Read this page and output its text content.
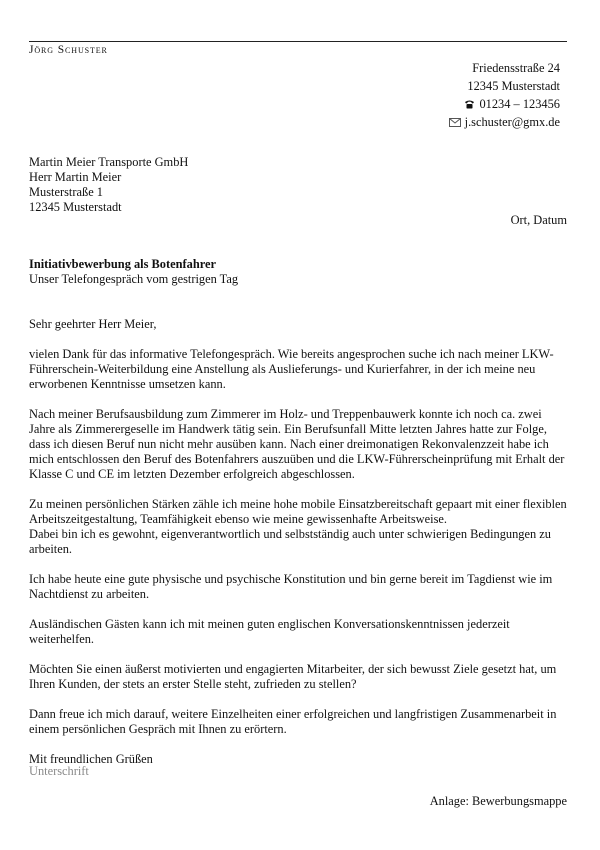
Jörg Schuster
Friedensstraße 24
12345 Musterstadt
01234 – 123456
j.schuster@gmx.de
Martin Meier Transporte GmbH
Herr Martin Meier
Musterstraße 1
12345 Musterstadt
Ort, Datum
Initiativbewerbung als Botenfahrer
Unser Telefongespräch vom gestrigen Tag

Sehr geehrter Herr Meier,

vielen Dank für das informative Telefongespräch. Wie bereits angesprochen suche ich nach meiner LKW-Führerschein-Weiterbildung eine Anstellung als Auslieferungs- und Kurierfahrer, in der ich meine neu erworbenen Kenntnisse umsetzen kann.

Nach meiner Berufsausbildung zum Zimmerer im Holz- und Treppenbauwerk konnte ich noch ca. zwei Jahre als Zimmerergeselle im Handwerk tätig sein. Ein Berufsunfall Mitte letzten Jahres hatte zur Folge, dass ich diesen Beruf nun nicht mehr ausüben kann. Nach einer dreimonatigen Rekonvalenzzeit habe ich mich entschlossen den Beruf des Botenfahrers auszuüben und die LKW-Führerscheinprüfung mit Erhalt der Klasse C und CE im letzten Dezember erfolgreich abgeschlossen.

Zu meinen persönlichen Stärken zähle ich meine hohe mobile Einsatzbereitschaft gepaart mit einer flexiblen Arbeitszeitgestaltung, Teamfähigkeit ebenso wie meine gewissenhafte Arbeitsweise.
Dabei bin ich es gewohnt, eigenverantwortlich und selbstständig auch unter schwierigen Bedingungen zu arbeiten.

Ich habe heute eine gute physische und psychische Konstitution und bin gerne bereit im Tagdienst wie im Nachtdienst zu arbeiten.

Ausländischen Gästen kann ich mit meinen guten englischen Konversationskenntnissen jederzeit weiterhelfen.

Möchten Sie einen äußerst motivierten und engagierten Mitarbeiter, der sich bewusst Ziele gesetzt hat, um Ihren Kunden, der stets an erster Stelle steht, zufrieden zu stellen?

Dann freue ich mich darauf, weitere Einzelheiten einer erfolgreichen und langfristigen Zusammenarbeit in einem persönlichen Gespräch mit Ihnen zu erörtern.

Mit freundlichen Grüßen

Unterschrift
Anlage: Bewerbungsmappe
